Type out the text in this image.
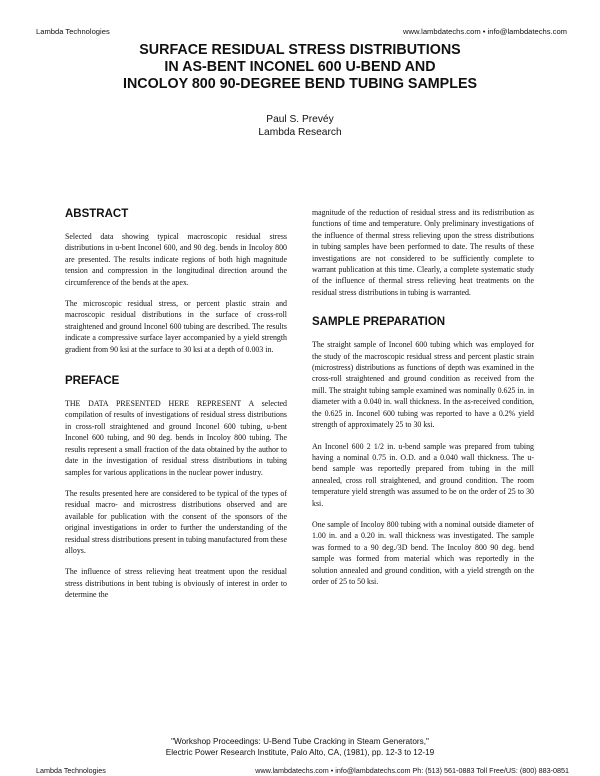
Lambda Technologies	www.lambdatechs.com • info@lambdatechs.com
SURFACE RESIDUAL STRESS DISTRIBUTIONS
IN AS-BENT INCONEL 600 U-BEND AND
INCOLOY 800 90-DEGREE BEND TUBING SAMPLES
Paul S. Prevéy
Lambda Research
ABSTRACT
Selected data showing typical macroscopic residual stress distributions in u-bent Inconel 600, and 90 deg. bends in Incoloy 800 are presented. The results indicate regions of both high magnitude tension and compression in the longitudinal direction around the circumference of the bends at the apex.
The microscopic residual stress, or percent plastic strain and macroscopic residual distributions in the surface of cross-roll straightened and ground Inconel 600 tubing are described. The results indicate a compressive surface layer accompanied by a yield strength gradient from 90 ksi at the surface to 30 ksi at a depth of 0.003 in.
PREFACE
THE DATA PRESENTED HERE REPRESENT A selected compilation of results of investigations of residual stress distributions in cross-roll straightened and ground Inconel 600 tubing, u-bent Inconel 600 tubing, and 90 deg. bends in Incoloy 800 tubing. The results represent a small fraction of the data obtained by the author to date in the investigation of residual stress distributions in tubing samples for various applications in the nuclear power industry.
The results presented here are considered to be typical of the types of residual macro- and microstress distributions observed and are available for publication with the consent of the sponsors of the original investigations in order to further the understanding of the residual stress distributions present in tubing manufactured from these alloys.
The influence of stress relieving heat treatment upon the residual stress distributions in bent tubing is obviously of interest in order to determine the
magnitude of the reduction of residual stress and its redistribution as functions of time and temperature. Only preliminary investigations of the influence of thermal stress relieving upon the stress distributions in tubing samples have been performed to date. The results of these investigations are not considered to be sufficiently complete to warrant publication at this time. Clearly, a complete systematic study of the influence of thermal stress relieving heat treatments on the residual stress distributions in tubing is warranted.
SAMPLE PREPARATION
The straight sample of Inconel 600 tubing which was employed for the study of the macroscopic residual stress and percent plastic strain (microstress) distributions as functions of depth was examined in the cross-roll straightened and ground condition as received from the mill. The straight tubing sample examined was nominally 0.625 in. in diameter with a 0.040 in. wall thickness. In the as-received condition, the 0.625 in. Inconel 600 tubing was reported to have a 0.2% yield strength of approximately 25 to 30 ksi.
An Inconel 600 2 1/2 in. u-bend sample was prepared from tubing having a nominal 0.75 in. O.D. and a 0.040 wall thickness. The u-bend sample was reportedly prepared from tubing in the mill annealed, cross roll straightened, and ground condition. The room temperature yield strength was assumed to be on the order of 25 to 30 ksi.
One sample of Incoloy 800 tubing with a nominal outside diameter of 1.00 in. and a 0.20 in. wall thickness was investigated. The sample was formed to a 90 deg./3D bend. The Incoloy 800 90 deg. bend sample was formed from material which was reportedly in the solution annealed and ground condition, with a yield strength on the order of 25 to 50 ksi.
"Workshop Proceedings: U-Bend Tube Cracking in Steam Generators,"
Electric Power Research Institute, Palo Alto, CA, (1981), pp. 12-3 to 12-19
Lambda Technologies	www.lambdatechs.com • info@lambdatechs.com Ph: (513) 561-0883 Toll Free/US: (800) 883-0851
